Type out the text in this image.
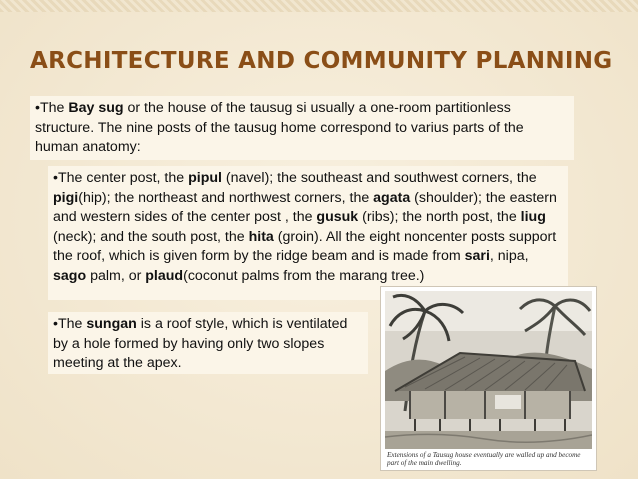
ARCHITECTURE AND COMMUNITY PLANNING
•The Bay sug or the house of the tausug si usually a one-room partitionless structure. The nine posts of the tausug home correspond to varius parts of the human anatomy:
•The center post, the pipul (navel); the southeast and southwest corners, the pigi(hip); the northeast and northwest corners, the agata (shoulder); the eastern and western sides of the center post , the gusuk (ribs); the north post, the liug (neck); and the south post, the hita (groin). All the eight noncenter posts support the roof, which is given form by the ridge beam and is made from sari, nipa, sago palm, or plaud(coconut palms from the marang tree.)
•The sungan is a roof style, which is ventilated by a hole formed by having only two slopes meeting at the apex.
Extensions of a Tausug house eventually are walled up and become part of the main dwelling.
